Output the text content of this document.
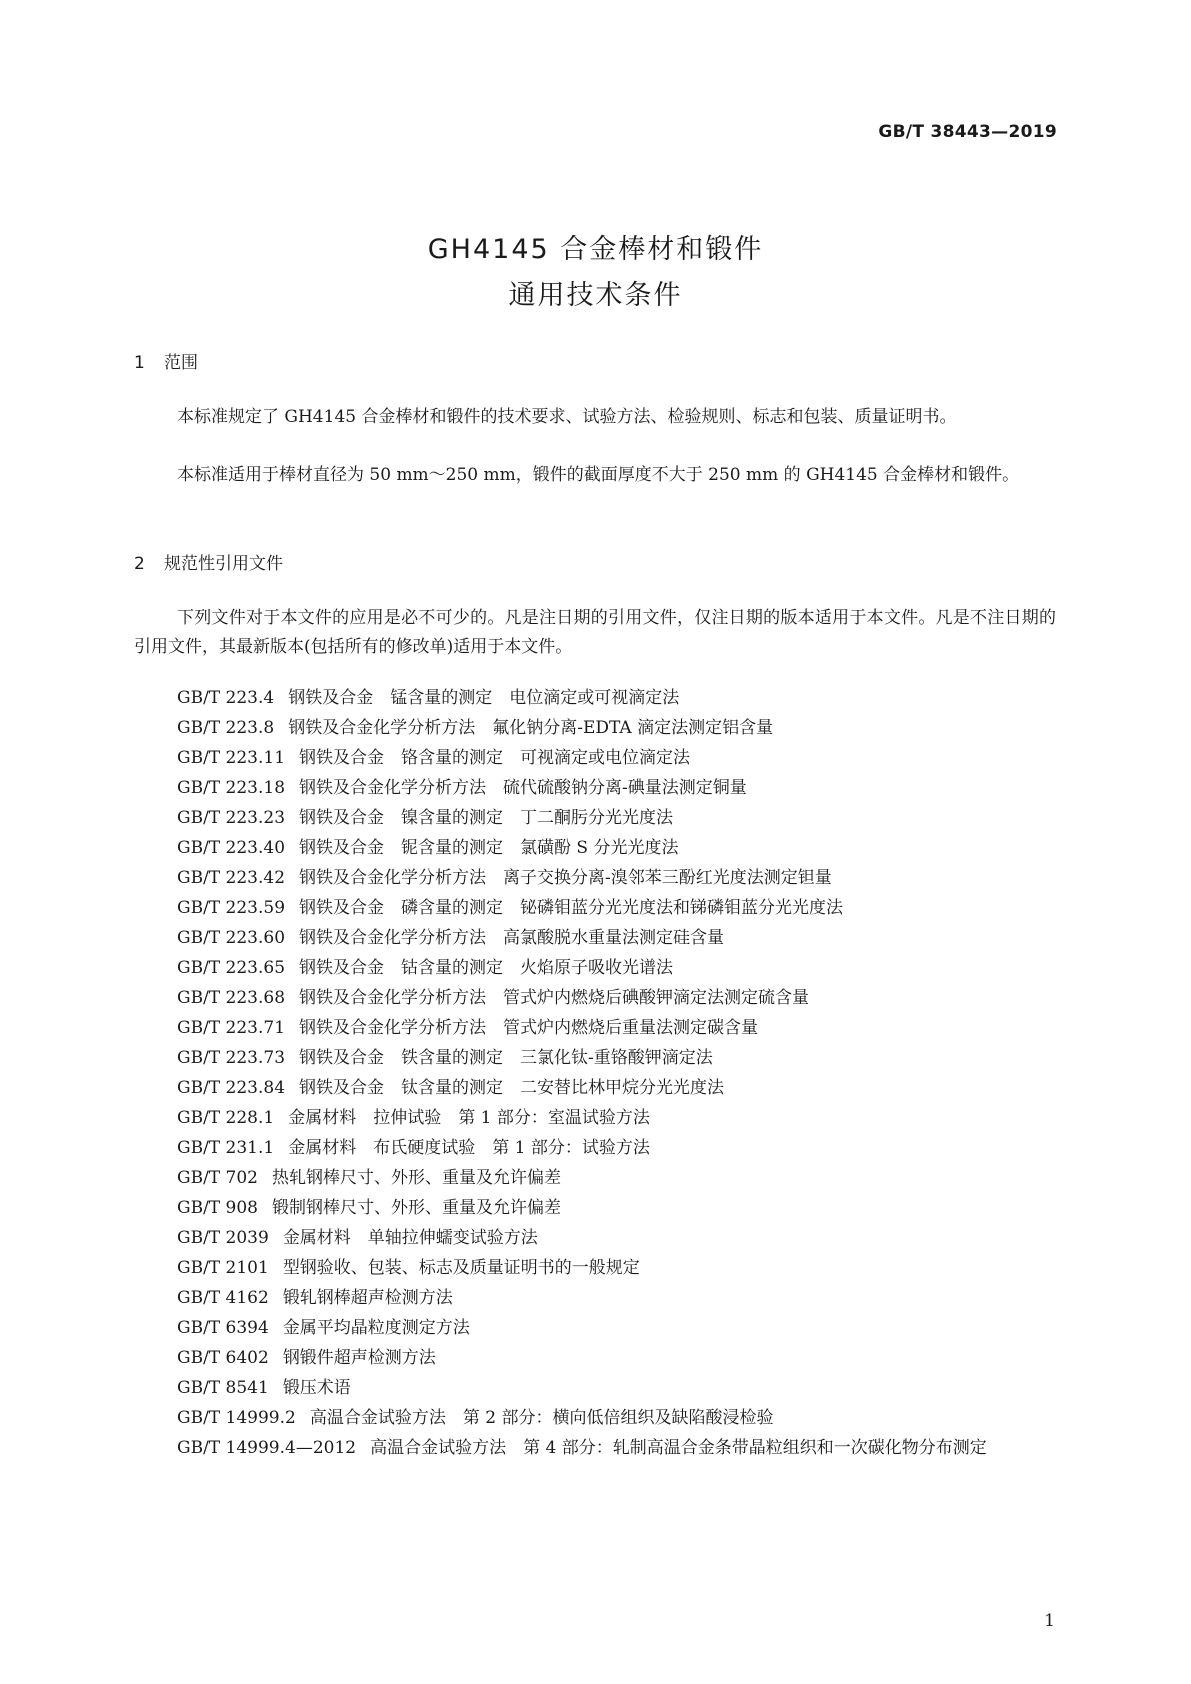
GB/T 38443—2019
GH4145 合金棒材和锻件
通用技术条件
1 范围

本标准规定了 GH4145 合金棒材和锻件的技术要求、试验方法、检验规则、标志和包装、质量证明书。

本标准适用于棒材直径为 50 mm～250 mm，锻件的截面厚度不大于 250 mm 的 GH4145 合金棒材和锻件。

2 规范性引用文件

下列文件对于本文件的应用是必不可少的。凡是注日期的引用文件，仅注日期的版本适用于本文件。凡是不注日期的引用文件，其最新版本(包括所有的修改单)适用于本文件。

GB/T 223.4 钢铁及合金　锰含量的测定　电位滴定或可视滴定法
GB/T 223.8 钢铁及合金化学分析方法　氟化钠分离-EDTA 滴定法测定铝含量
GB/T 223.11 钢铁及合金　铬含量的测定　可视滴定或电位滴定法
GB/T 223.18 钢铁及合金化学分析方法　硫代硫酸钠分离-碘量法测定铜量
GB/T 223.23 钢铁及合金　镍含量的测定　丁二酮肟分光光度法
GB/T 223.40 钢铁及合金　铌含量的测定　氯磺酚 S 分光光度法
GB/T 223.42 钢铁及合金化学分析方法　离子交换分离-溴邻苯三酚红光度法测定钽量
GB/T 223.59 钢铁及合金　磷含量的测定　铋磷钼蓝分光光度法和锑磷钼蓝分光光度法
GB/T 223.60 钢铁及合金化学分析方法　高氯酸脱水重量法测定硅含量
GB/T 223.65 钢铁及合金　钴含量的测定　火焰原子吸收光谱法
GB/T 223.68 钢铁及合金化学分析方法　管式炉内燃烧后碘酸钾滴定法测定硫含量
GB/T 223.71 钢铁及合金化学分析方法　管式炉内燃烧后重量法测定碳含量
GB/T 223.73 钢铁及合金　铁含量的测定　三氯化钛-重铬酸钾滴定法
GB/T 223.84 钢铁及合金　钛含量的测定　二安替比林甲烷分光光度法
GB/T 228.1 金属材料　拉伸试验　第 1 部分：室温试验方法
GB/T 231.1 金属材料　布氏硬度试验　第 1 部分：试验方法
GB/T 702 热轧钢棒尺寸、外形、重量及允许偏差
GB/T 908 锻制钢棒尺寸、外形、重量及允许偏差
GB/T 2039 金属材料　单轴拉伸蠕变试验方法
GB/T 2101 型钢验收、包装、标志及质量证明书的一般规定
GB/T 4162 锻轧钢棒超声检测方法
GB/T 6394 金属平均晶粒度测定方法
GB/T 6402 钢锻件超声检测方法
GB/T 8541 锻压术语
GB/T 14999.2 高温合金试验方法　第 2 部分：横向低倍组织及缺陷酸浸检验
GB/T 14999.4—2012 高温合金试验方法　第 4 部分：轧制高温合金条带晶粒组织和一次碳化物分布测定
1
